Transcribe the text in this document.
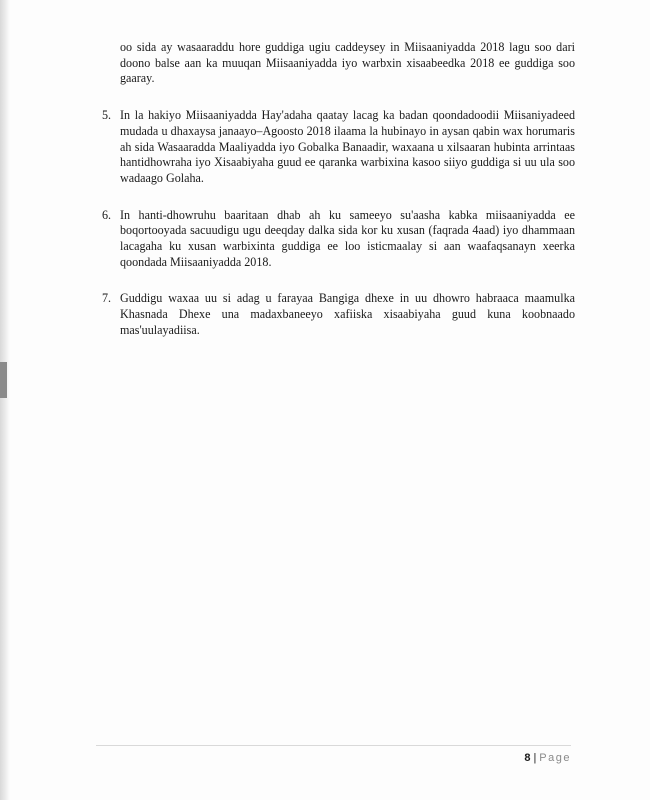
oo sida ay wasaaraddu hore guddiga ugiu caddeysey in Miisaaniyadda 2018 lagu soo dari doono balse aan ka muuqan Miisaaniyadda iyo warbxin xisaabeedka 2018 ee guddiga soo gaaray.

5. In la hakiyo Miisaaniyadda Hay'adaha qaatay lacag ka badan qoondadoodii Miisaniyadeed mudada u dhaxaysa janaayo–Agoosto 2018 ilaama la hubinayo in aysan qabin wax horumaris ah sida Wasaaradda Maaliyadda iyo Gobalka Banaadir, waxaana u xilsaaran hubinta arrintaas hantidhowraha iyo Xisaabiyaha guud ee qaranka warbixina kasoo siiyo guddiga si uu ula soo wadaago Golaha.

6. In hanti-dhowruhu baaritaan dhab ah ku sameeyo su'aasha kabka miisaaniyadda ee boqortooyada sacuudigu ugu deeqday dalka sida kor ku xusan (faqrada 4aad) iyo dhammaan lacagaha ku xusan warbixinta guddiga ee loo isticmaalay si aan waafaqsanayn xeerka qoondada Miisaaniyadda 2018.

7. Guddigu waxaa uu si adag u farayaa Bangiga dhexe in uu dhowro habraaca maamulka Khasnada Dhexe una madaxbaneeyo xafiiska xisaabiyaha guud kuna koobnaado mas'uulayadiisa.

8 | Page
